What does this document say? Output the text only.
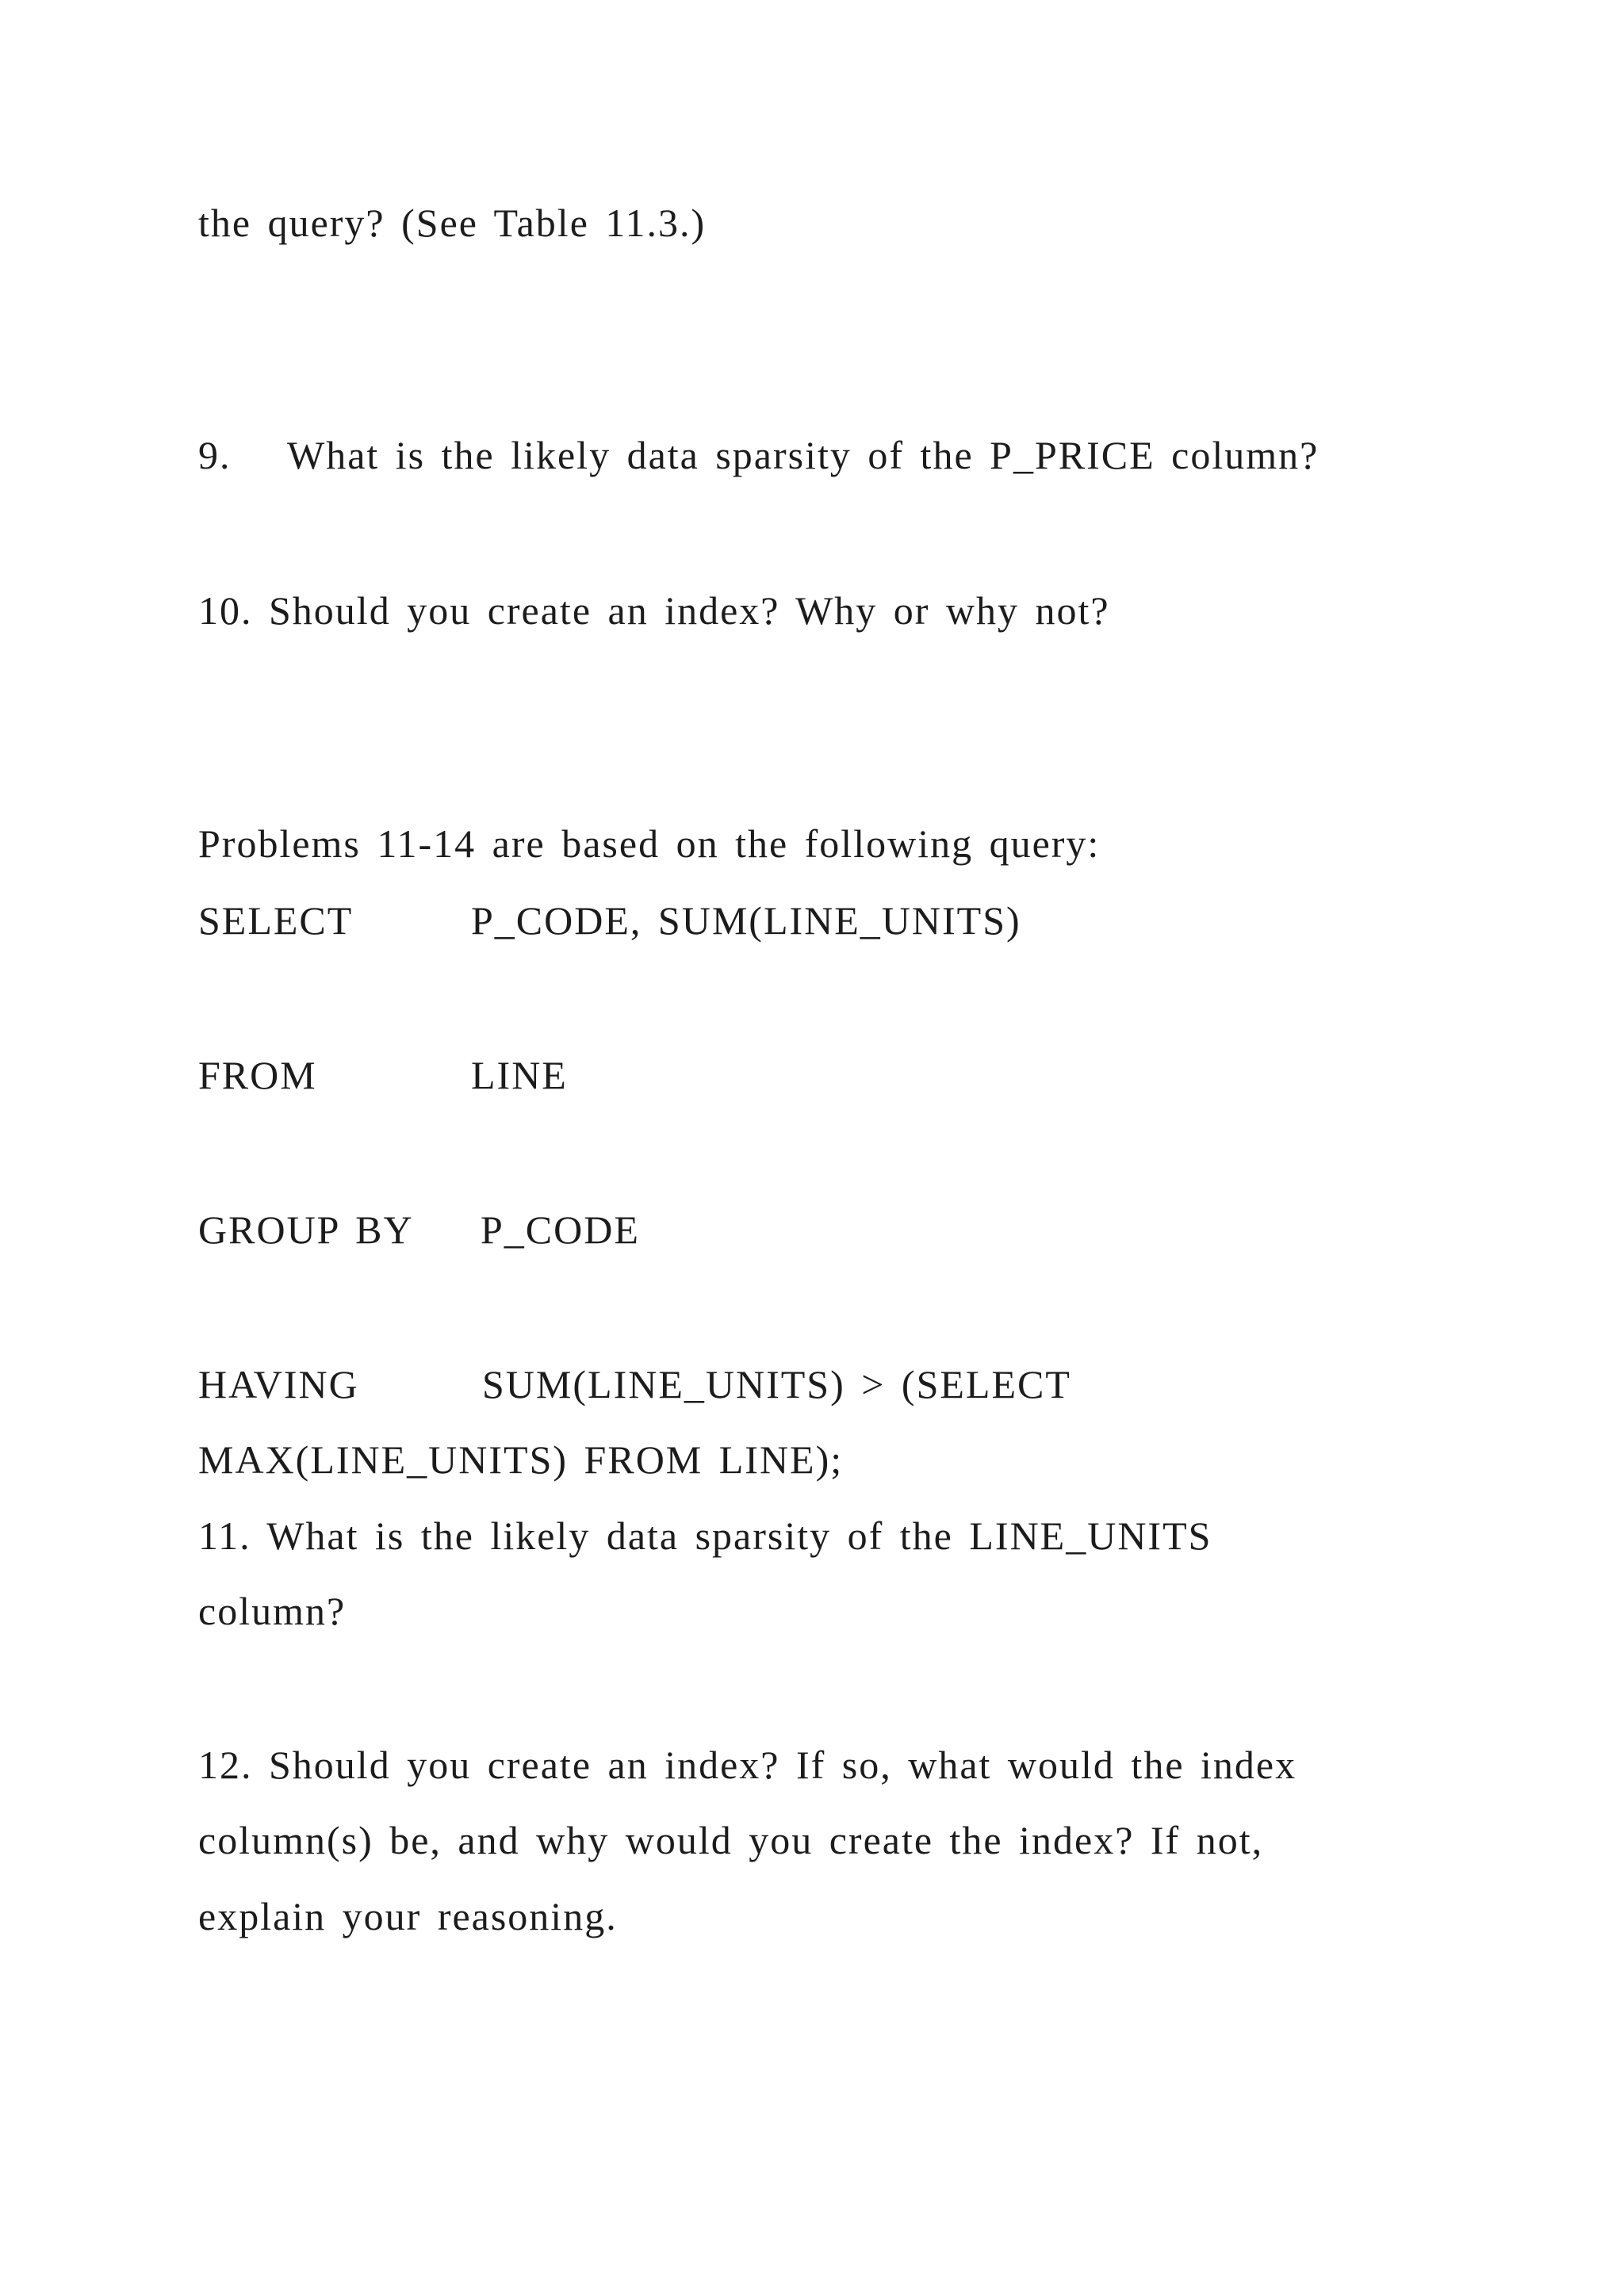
the query? (See Table 11.3.)
9. What is the likely data sparsity of the P_PRICE column?
10. Should you create an index? Why or why not?
Problems 11-14 are based on the following query:
SELECT	P_CODE, SUM(LINE_UNITS)
FROM	LINE
GROUP BY P_CODE
HAVING	SUM(LINE_UNITS) > (SELECT
MAX(LINE_UNITS) FROM LINE);
11. What is the likely data sparsity of the LINE_UNITS
column?
12. Should you create an index? If so, what would the index
column(s) be, and why would you create the index? If not,
explain your reasoning.
